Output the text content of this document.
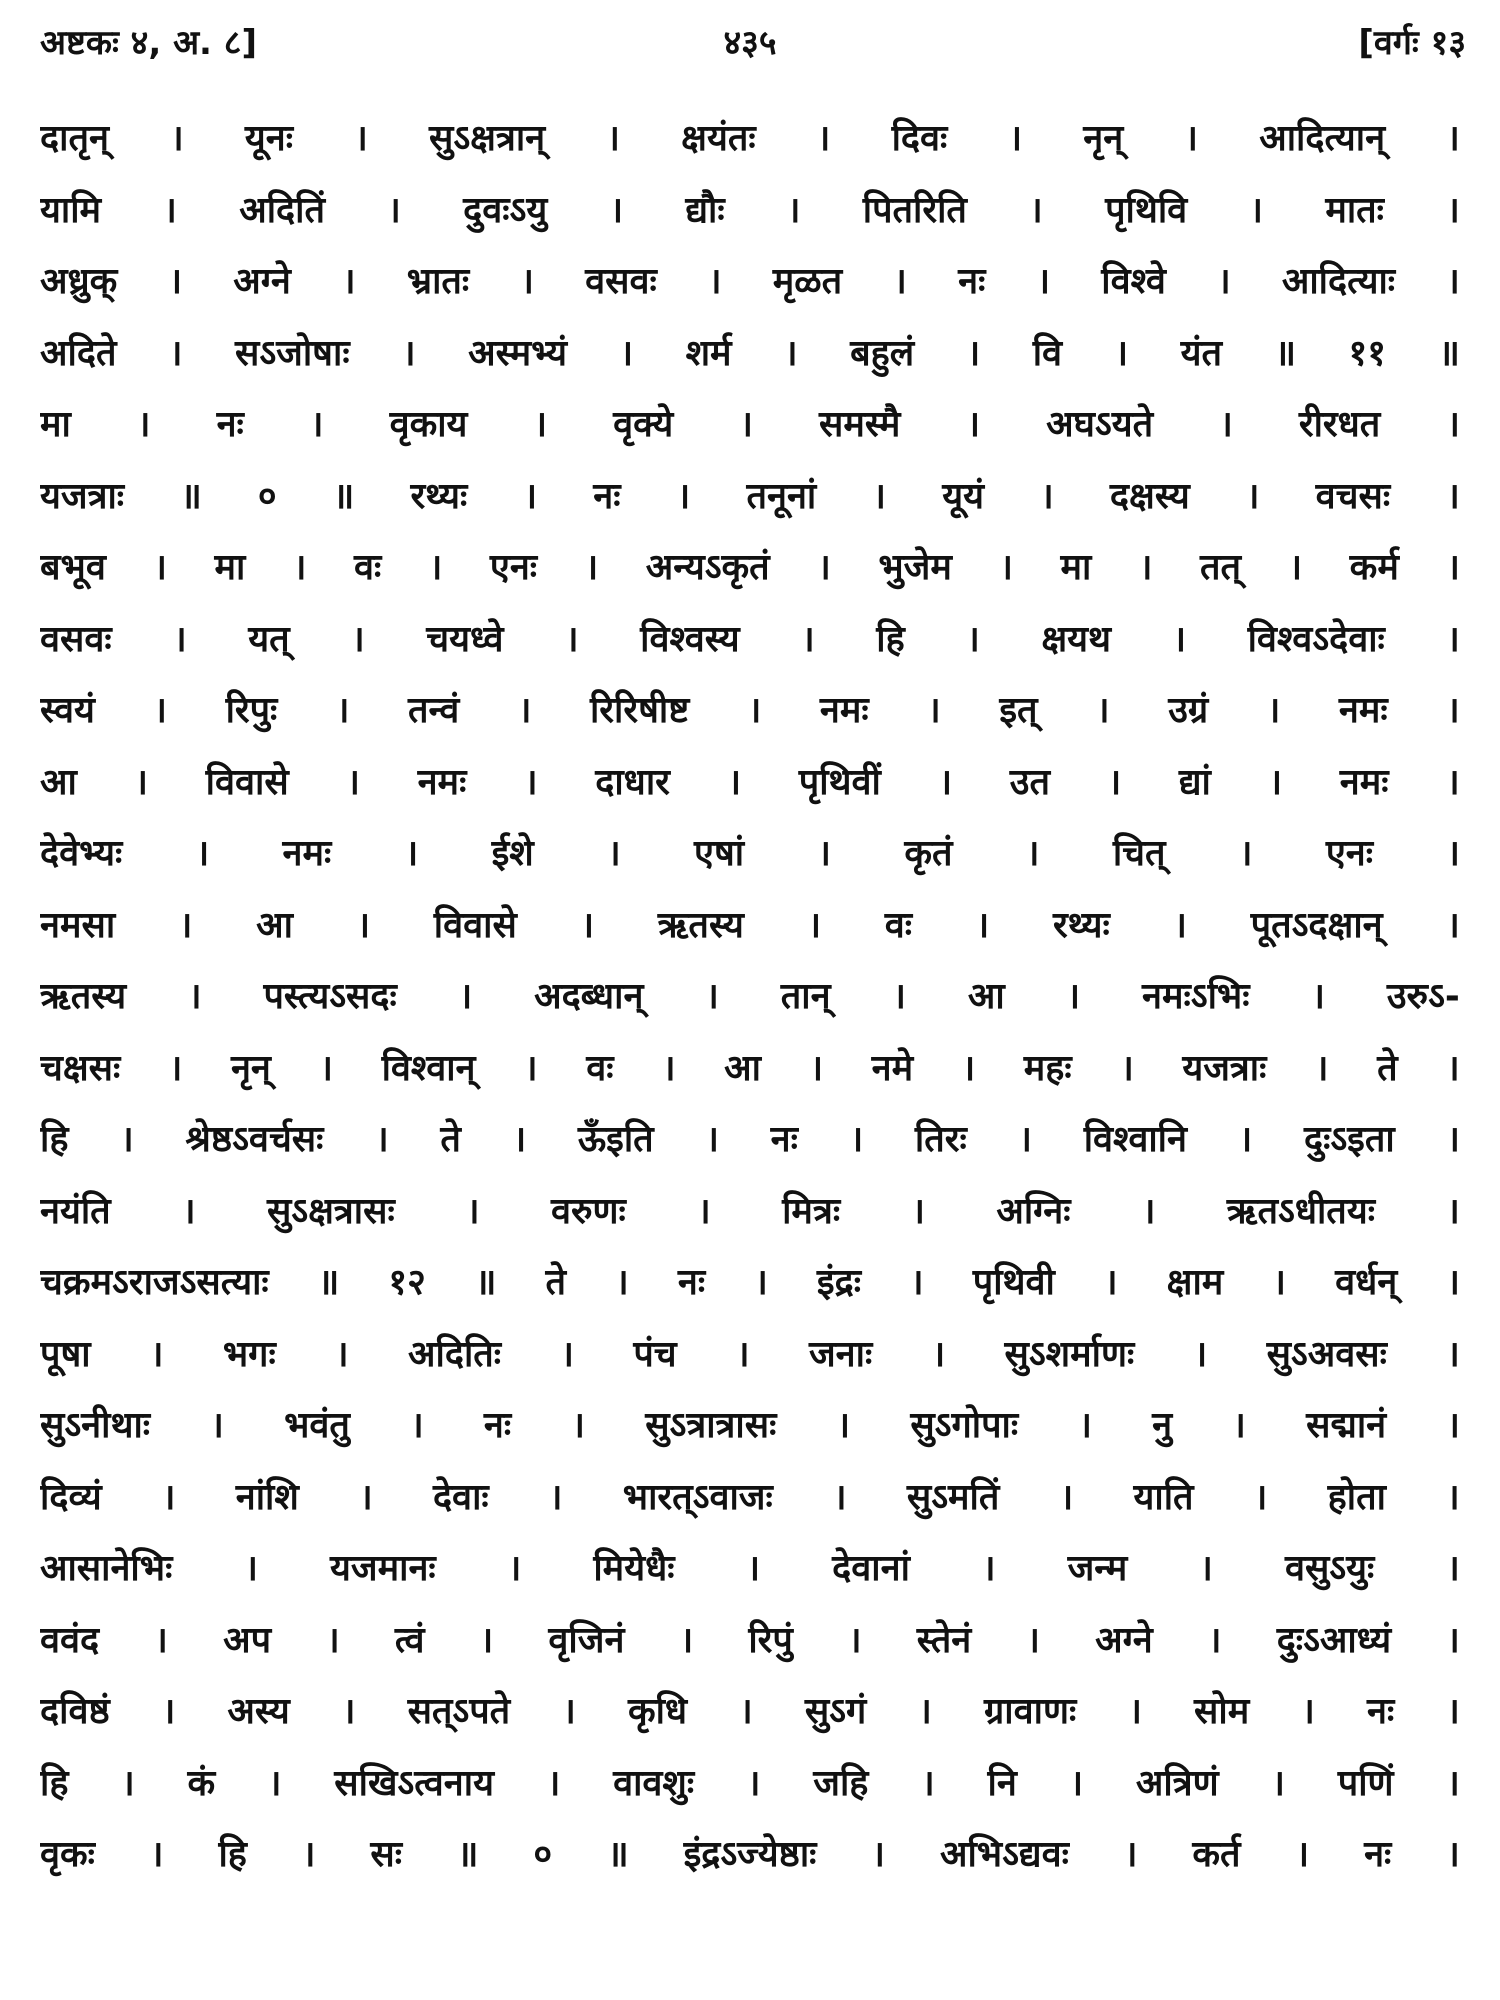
अष्टकः ४, अ. ८]	४३५	[वर्गः १३
दातृन् । यूनः । सुऽक्षत्रान् । क्षयंतः । दिवः । नृन् । आदित्यान् ।
यामि । अदितिं । दुवःऽयु । द्यौः । पितरिति । पृथिवि । मातः ।
अध्रुक् । अग्ने । भ्रातः । वसवः । मृळत । नः । विश्वे । आदित्याः ।
अदिते । सऽजोषाः । अस्मभ्यं । शर्म । बहुलं । वि । यंत ॥ ११ ॥
मा । नः । वृकाय । वृक्ये । समस्मै । अघऽयते । रीरधत ।
यजत्राः ॥ ० ॥ रथ्यः । नः । तनूनां । यूयं । दक्षस्य । वचसः ।
बभूव । मा । वः । एनः । अन्यऽकृतं । भुजेम । मा । तत् । कर्म ।
वसवः । यत् । चयध्वे । विश्वस्य । हि । क्षयथ । विश्वऽदेवाः ।
स्वयं । रिपुः । तन्वं । रिरिषीष्ट । नमः । इत् । उग्रं । नमः ।
आ । विवासे । नमः । दाधार । पृथिवीं । उत । द्यां । नमः ।
देवेभ्यः । नमः । ईशे । एषां । कृतं । चित् । एनः ।
नमसा । आ । विवासे । ऋतस्य । वः । रथ्यः । पूतऽदक्षान् ।
ऋतस्य । पस्त्यऽसदः । अदब्धान् । तान् । आ । नमःऽभिः । उरुऽ-
चक्षसः । नृन् । विश्वान् । वः । आ । नमे । महः । यजत्राः । ते ।
हि । श्रेष्ठऽवर्चसः । ते । ऊँइति । नः । तिरः । विश्वानि । दुःऽइता ।
नयंति । सुऽक्षत्रासः । वरुणः । मित्रः । अग्निः । ऋतऽधीतयः ।
चक्रमऽराजऽसत्याः ॥ १२ ॥ ते । नः । इंद्रः । पृथिवी । क्षाम । वर्धन् ।
पूषा । भगः । अदितिः । पंच । जनाः । सुऽशर्माणः । सुऽअवसः ।
सुऽनीथाः । भवंतु । नः । सुऽत्रात्रासः । सुऽगोपाः । नु । सद्मानं ।
दिव्यं । नांशि । देवाः । भारत्ऽवाजः । सुऽमतिं । याति । होता ।
आसानेभिः । यजमानः । मियेधैः । देवानां । जन्म । वसुऽयुः ।
ववंद । अप । त्वं । वृजिनं । रिपुं । स्तेनं । अग्ने । दुःऽआध्यं ।
दविष्ठं । अस्य । सत्ऽपते । कृधि । सुऽगं । ग्रावाणः । सोम । नः ।
हि । कं । सखिऽत्वनाय । वावशुः । जहि । नि । अत्रिणं । पणिं ।
वृकः । हि । सः ॥ ० ॥ इंद्रऽज्येष्ठाः । अभिऽद्यवः । कर्त । नः ।
